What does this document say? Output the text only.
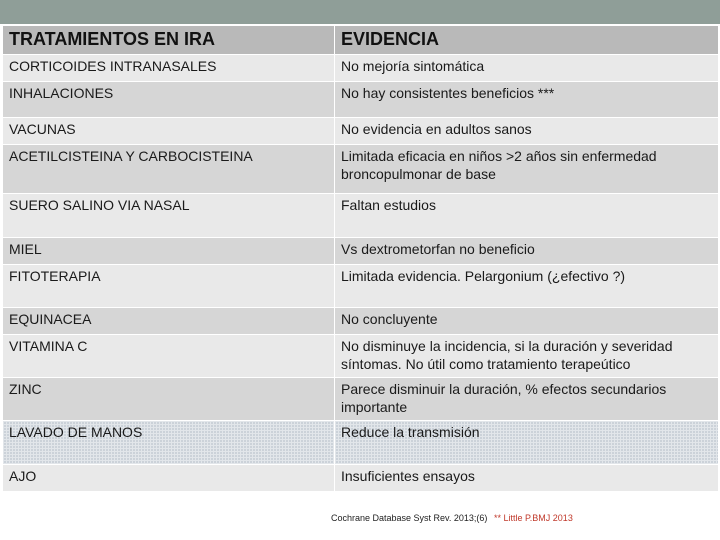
TRATAMIENTOS EN IRA	EVIDENCIA
CORTICOIDES INTRANASALES	No mejoría sintomática
INHALACIONES	No hay consistentes beneficios ***
VACUNAS	No evidencia en adultos sanos
ACETILCISTEINA Y CARBOCISTEINA	Limitada eficacia en niños >2 años sin enfermedad broncopulmonar de base
SUERO SALINO VIA NASAL	Faltan estudios
MIEL	Vs dextrometorfan no beneficio
FITOTERAPIA	Limitada evidencia. Pelargonium (¿efectivo ?)
EQUINACEA	No concluyente
VITAMINA C	No disminuye la incidencia, si la duración y severidad síntomas. No útil como tratamiento terapeútico
ZINC	Parece disminuir la duración, % efectos secundarios importante
LAVADO DE MANOS	Reduce la transmisión
AJO	Insuficientes ensayos
Cochrane Database Syst Rev. 2013;(6) ** Little P.BMJ 2013
